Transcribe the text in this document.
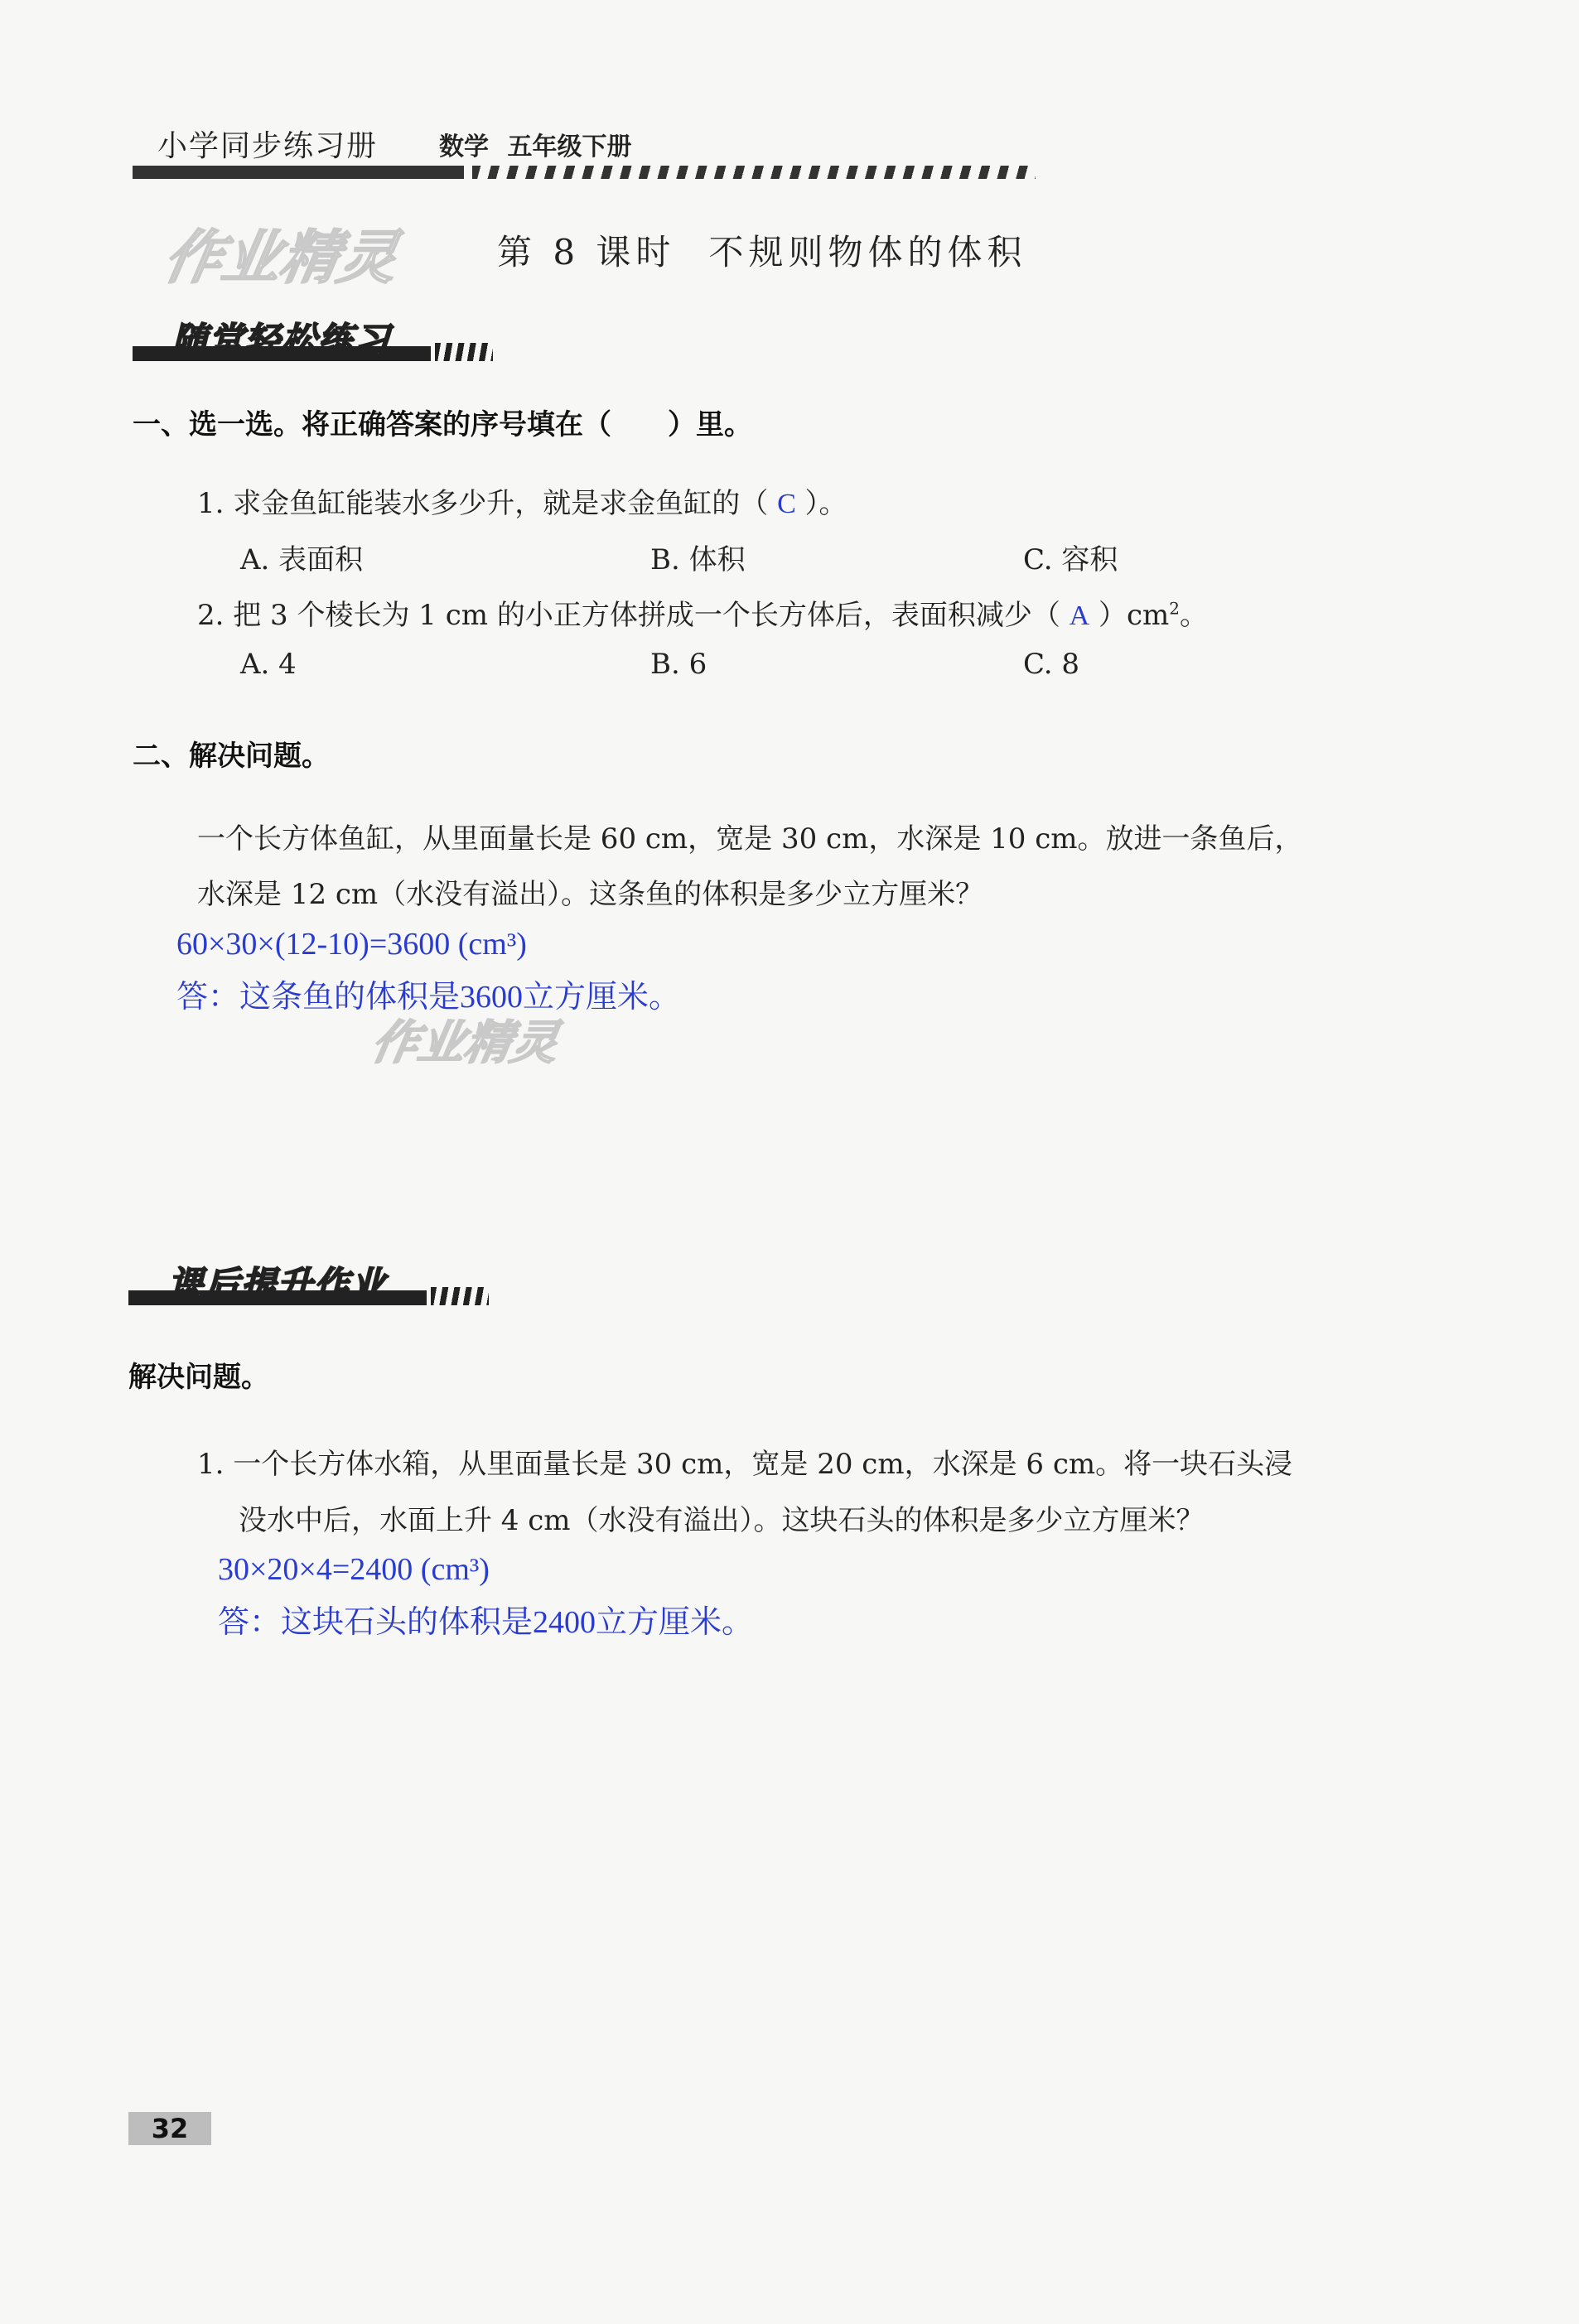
小学同步练习册 数学 五年级下册
作业精灵
作业精灵
第 8 课时 不规则物体的体积
随堂轻松练习
一、选一选。将正确答案的序号填在（　　）里。
1. 求金鱼缸能装水多少升，就是求金鱼缸的（ C ）。
A. 表面积	B. 体积	C. 容积
2. 把 3 个棱长为 1 cm 的小正方体拼成一个长方体后，表面积减少（ A ）$cm^2$。
A. 4	B. 6	C. 8
二、解决问题。
一个长方体鱼缸，从里面量长是 60 cm，宽是 30 cm，水深是 10 cm。放进一条鱼后，
水深是 12 cm（水没有溢出）。这条鱼的体积是多少立方厘米？
60×30×(12-10)=3600 (cm³)
答：这条鱼的体积是3600立方厘米。
课后提升作业
解决问题。
1. 一个长方体水箱，从里面量长是 30 cm，宽是 20 cm，水深是 6 cm。将一块石头浸
没水中后，水面上升 4 cm（水没有溢出）。这块石头的体积是多少立方厘米？
30×20×4=2400 (cm³)
答：这块石头的体积是2400立方厘米。
32
